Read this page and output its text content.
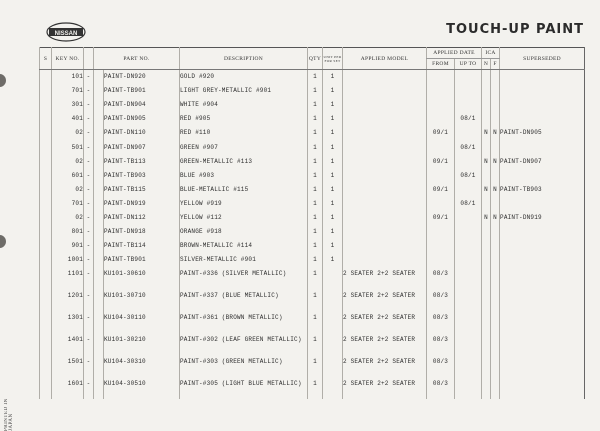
NISSAN	TOUCH-UP PAINT
PRINTED IN JAPAN
S	KEY NO.		PART NO.		DESCRIPTION	QTY	UNIT PER FOR SET	APPLIED MODEL	APPLIED DATE		ICA		SUPERSEDED
									FROM	UP TO	N	F	
	101	-		PAINT-DN920	GOLD #920	1	1						
	701	-		PAINT-TB901	LIGHT GREY-METALLIC #901	1	1						
	301	-		PAINT-DN904	WHITE #904	1	1						
	401	-		PAINT-DN905	RED #905	1	1			08/1			
	02	-		PAINT-DN110	RED #110	1	1		09/1		N	N	PAINT-DN905
	501	-		PAINT-DN907	GREEN #907	1	1			08/1			
	02	-		PAINT-TB113	GREEN-METALLIC #113	1	1		09/1		N	N	PAINT-DN907
	601	-		PAINT-TB903	BLUE #903	1	1			08/1			
	02	-		PAINT-TB115	BLUE-METALLIC #115	1	1		09/1		N	N	PAINT-TB903
	701	-		PAINT-DN919	YELLOW #919	1	1			08/1			
	02	-		PAINT-DN112	YELLOW #112	1	1		09/1		N	N	PAINT-DN919
	801	-		PAINT-DN918	ORANGE #918	1	1						
	901	-		PAINT-TB114	BROWN-METALLIC #114	1	1						
	1001	-		PAINT-TB901	SILVER-METALLIC #901	1	1						
	1101	-		KU101-30610	PAINT-#336 (SILVER METALLIC)	1		2 SEATER 2+2 SEATER	08/3				
	1201	-		KU101-30710	PAINT-#337 (BLUE METALLIC)	1		2 SEATER 2+2 SEATER	08/3				
	1301	-		KU104-30110	PAINT-#361 (BROWN METALLIC)	1		2 SEATER 2+2 SEATER	08/3				
	1401	-		KU101-30210	PAINT-#302 (LEAF GREEN METALLIC)	1		2 SEATER 2+2 SEATER	08/3				
	1501	-		KU104-30310	PAINT-#303 (GREEN METALLIC)	1		2 SEATER 2+2 SEATER	08/3				
	1601	-		KU104-30510	PAINT-#305 (LIGHT BLUE METALLIC)	1		2 SEATER 2+2 SEATER	08/3				
